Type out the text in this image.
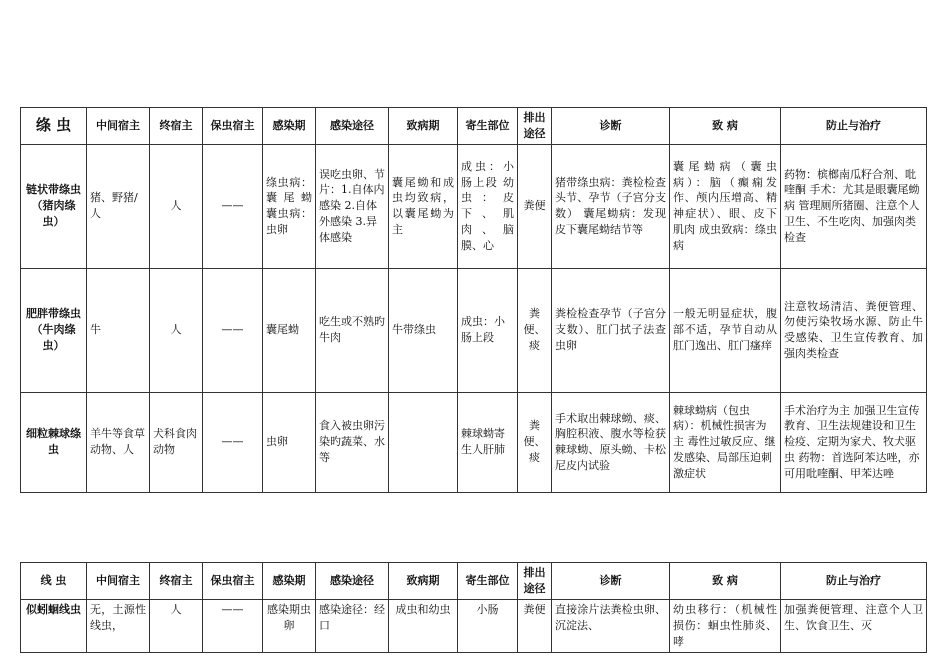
绦 虫	中间宿主	终宿主	保虫宿主	感染期	感染途径	致病期	寄生部位	排出途径	诊断	致 病	防止与治疗
链状带绦虫（猪肉绦虫）	猪、野猪/人	人	——	绦虫病：囊尾蚴　囊虫病：虫卵	误吃虫卵、节片：1.自体内感染 2.自体外感染 3.异体感染	囊尾蚴和成虫均致病，以囊尾蚴为主	成虫：小肠上段 幼虫：皮下、肌肉、脑膜、心	粪便	猪带绦虫病：粪检检查头节、孕节（子宫分支数） 囊尾蚴病：发现皮下囊尾蚴结节等	囊尾蚴病（囊虫病）：脑（癫痫发作、颅内压增高、精神症状）、眼、皮下肌肉 成虫致病：绦虫病	药物：槟榔南瓜籽合剂、吡喹酮 手术：尤其是眼囊尾蚴病 管理厕所猪圈、注意个人卫生、不生吃肉、加强肉类检查
肥胖带绦虫（牛肉绦虫）	牛	人	——	囊尾蚴	吃生或不熟旳牛肉	牛带绦虫	成虫：小肠上段	粪便、痰	粪检检查孕节（子宫分支数）、肛门拭子法查虫卵	一般无明显症状，腹部不适，孕节自动从肛门逸出、肛门瘙痒	注意牧场清洁、粪便管理、勿使污染牧场水源、防止牛受感染、卫生宣传教育、加强肉类检查
细粒棘球绦虫	羊牛等食草动物、人	犬科食肉动物	——	虫卵	食入被虫卵污染旳蔬菜、水等		棘球蚴寄生人肝肺	粪便、痰	手术取出棘球蚴、痰、胸腔积液、腹水等检获棘球蚴、原头蚴、卡松尼皮内试验	棘球蚴病（包虫病）：机械性损害为主 毒性过敏反应、继发感染、局部压迫刺激症状	手术治疗为主 加强卫生宣传教育、卫生法规建设和卫生检疫、定期为家犬、牧犬驱虫 药物：首选阿苯达唑，亦可用吡喹酮、甲苯达唑
线 虫	中间宿主	终宿主	保虫宿主	感染期	感染途径	致病期	寄生部位	排出途径	诊断	致 病	防止与治疗
似蚓蛔线虫	无，土源性线虫，	人	——	感染期虫卵	感染途径：经口	成虫和幼虫	小肠	粪便	直接涂片法粪检虫卵、沉淀法、	幼虫移行：（机械性损伤：蛔虫性肺炎、哮	加强粪便管理、注意个人卫生、饮食卫生、灭
